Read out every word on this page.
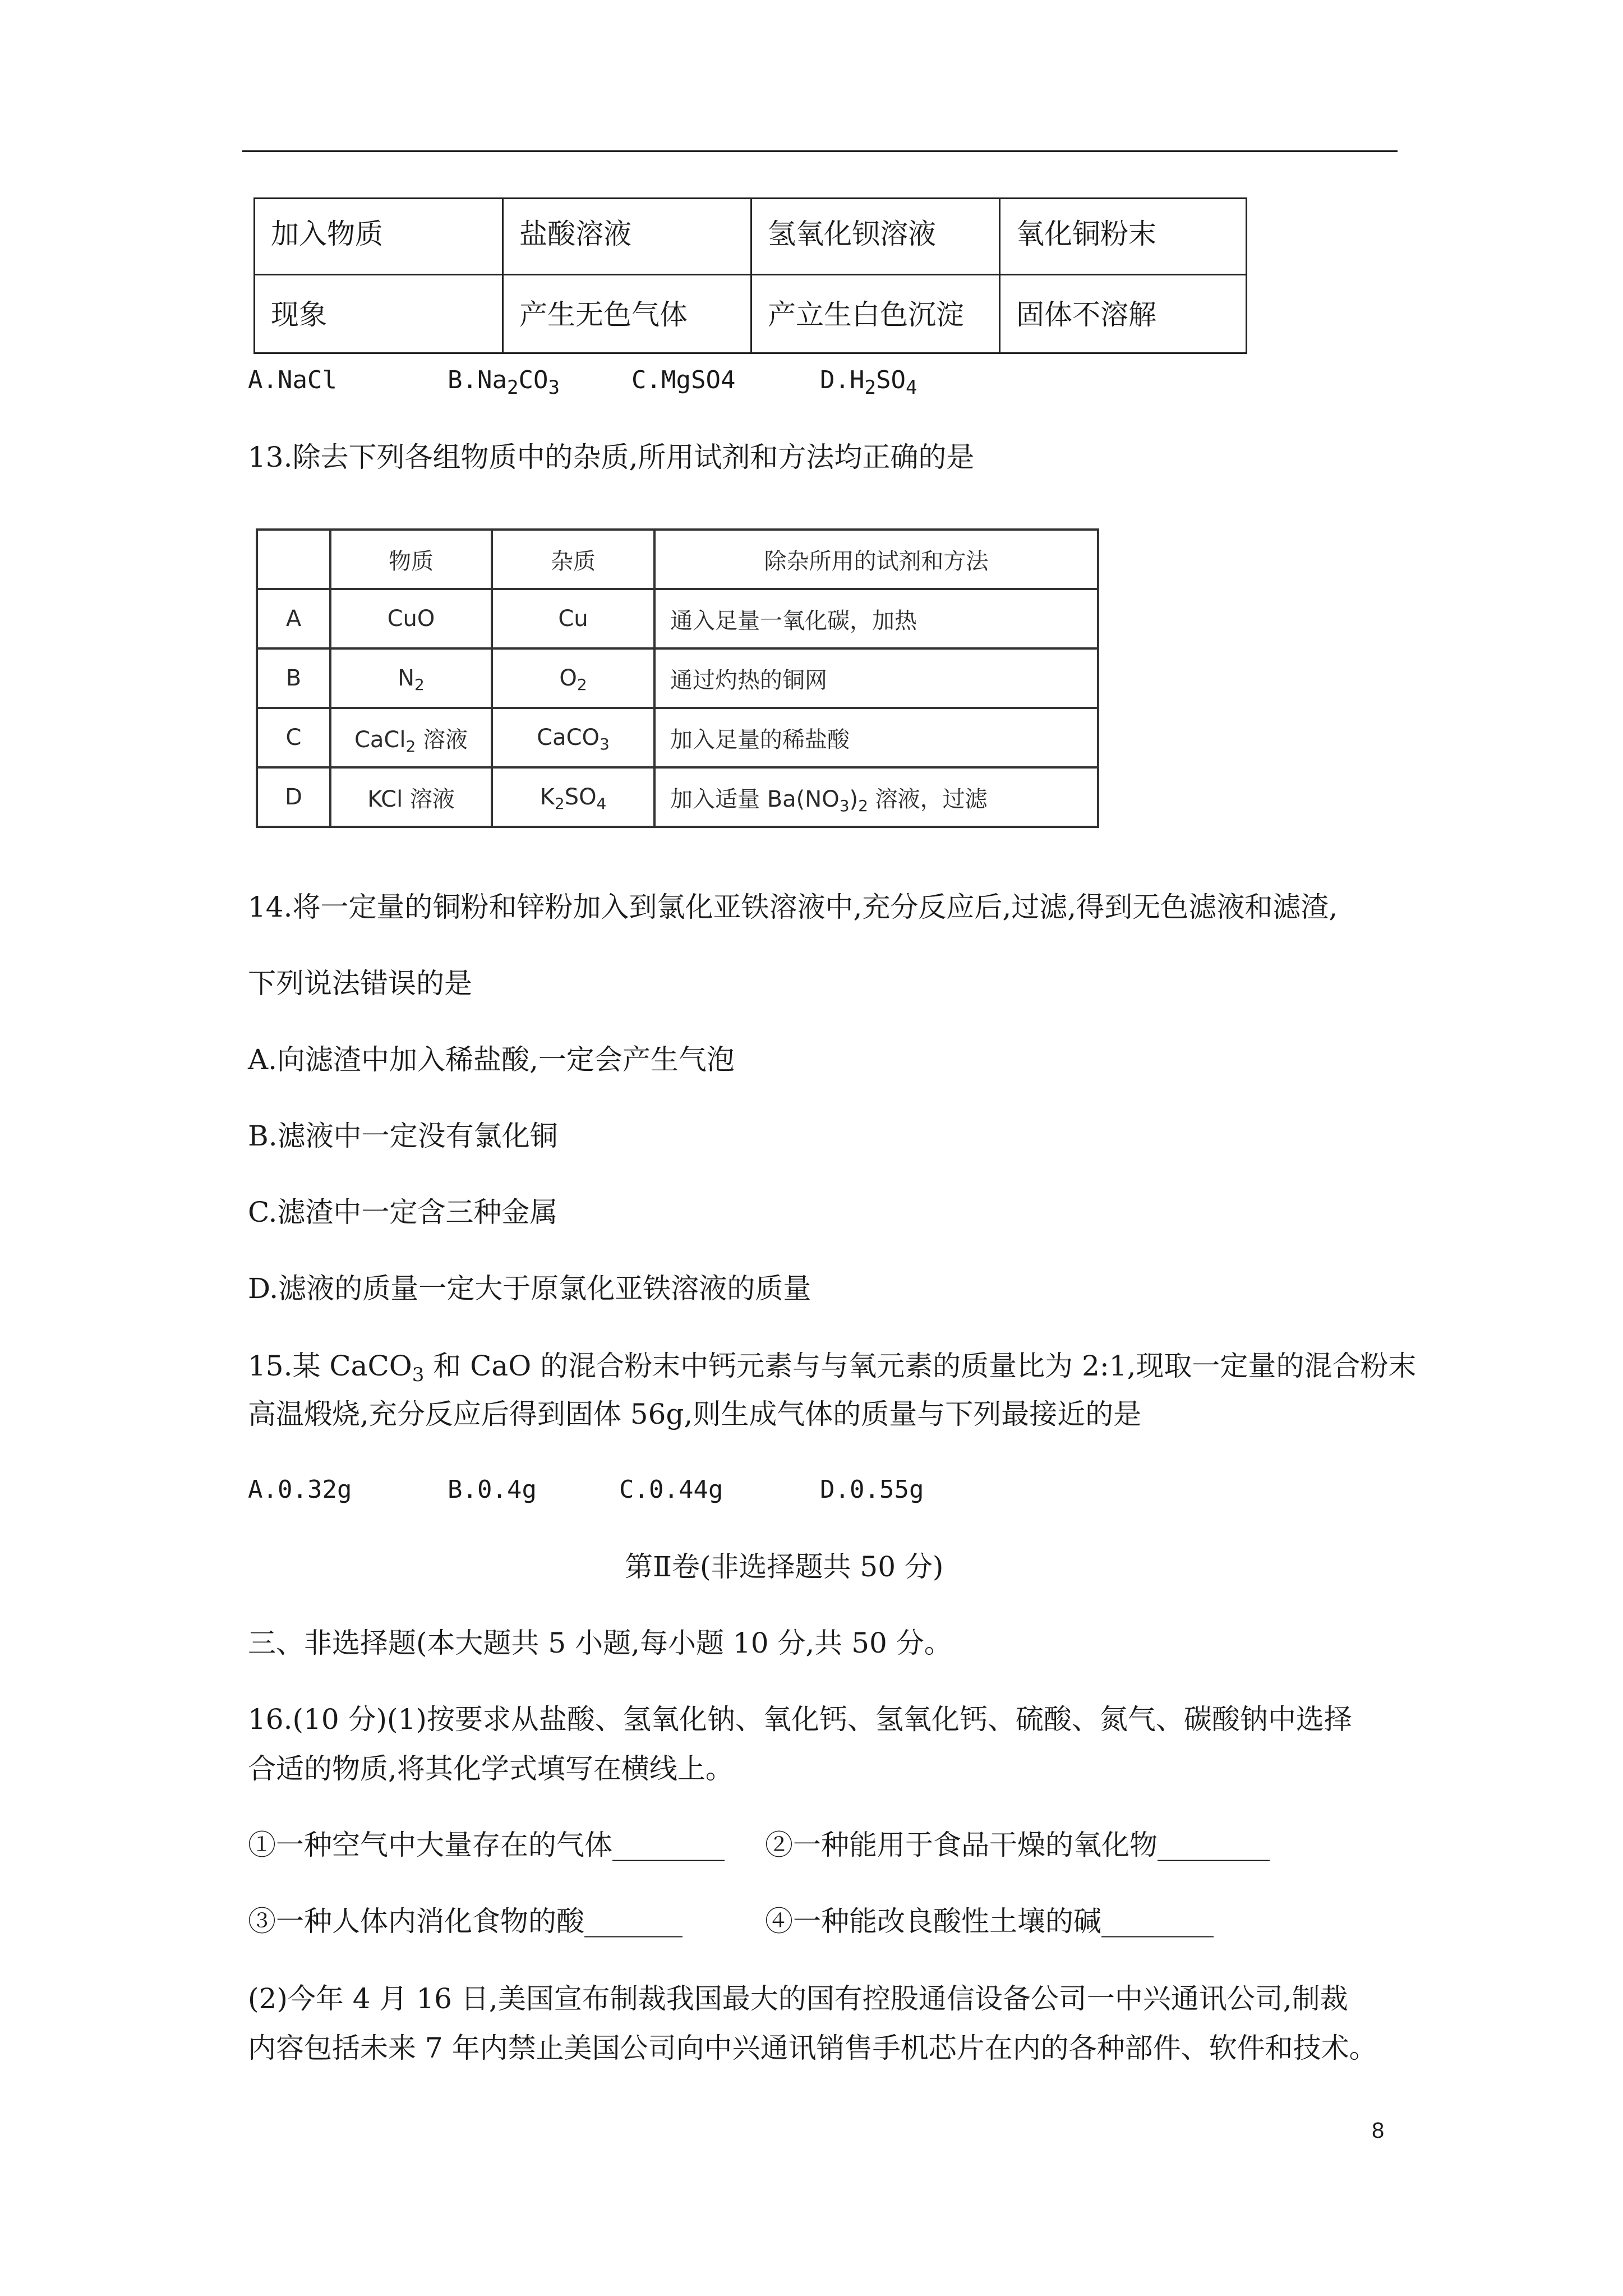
加入物质	盐酸溶液	氢氧化钡溶液	氧化铜粉末
现象	产生无色气体	产立生白色沉淀	固体不溶解
A.NaCl	$B.Na_2CO_3$	C.MgSO4	$D.H_2SO_4$
13.除去下列各组物质中的杂质,所用试剂和方法均正确的是
	物质	杂质	除杂所用的试剂和方法
A	CuO	Cu	通入足量一氧化碳，加热
B	$N_2$	$O_2$	通过灼热的铜网
C	CaCl$_2$ 溶液	CaCO$_3$	加入足量的稀盐酸
D	KCl 溶液	$K_2SO_4$	加入适量 $Ba(NO_3)_2$ 溶液，过滤
14.将一定量的铜粉和锌粉加入到氯化亚铁溶液中,充分反应后,过滤,得到无色滤液和滤渣,
下列说法错误的是
A.向滤渣中加入稀盐酸,一定会产生气泡
B.滤液中一定没有氯化铜
C.滤渣中一定含三种金属
D.滤液的质量一定大于原氯化亚铁溶液的质量
15.某 CaCO$_3$ 和 CaO 的混合粉末中钙元素与与氧元素的质量比为 2:1,现取一定量的混合粉末
高温煅烧,充分反应后得到固体 56g,则生成气体的质量与下列最接近的是
A.0.32g	B.0.4g	C.0.44g	D.0.55g
第Ⅱ卷(非选择题共 50 分)
三、非选择题(本大题共 5 小题,每小题 10 分,共 50 分。
16.(10 分)(1)按要求从盐酸、氢氧化钠、氧化钙、氢氧化钙、硫酸、氮气、碳酸钠中选择
合适的物质,将其化学式填写在横线上。
①一种空气中大量存在的气体________ ②一种能用于食品干燥的氧化物________
③一种人体内消化食物的酸_______	④一种能改良酸性土壤的碱________
(2)今年 4 月 16 日,美国宣布制裁我国最大的国有控股通信设备公司一中兴通讯公司,制裁
内容包括未来 7 年内禁止美国公司向中兴通讯销售手机芯片在内的各种部件、软件和技术。
8
